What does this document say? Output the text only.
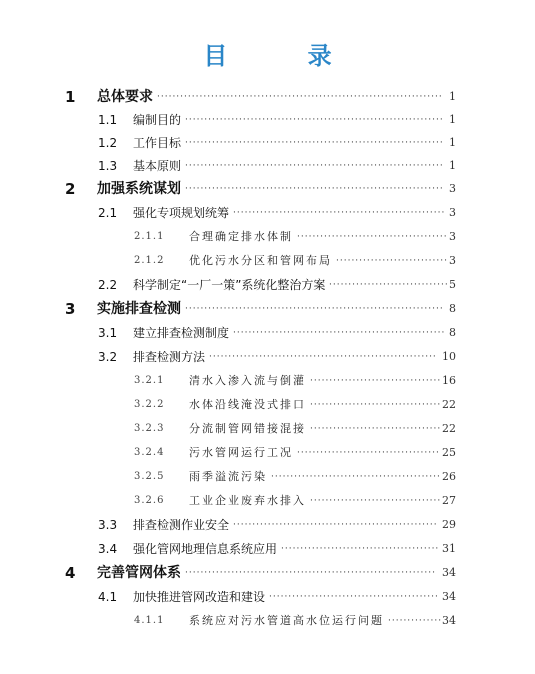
目 录
1 总体要求 ·········································································· 1
1.1 编制目的 ··································································· 1
1.2 工作目标 ··································································· 1
1.3 基本原则 ··································································· 1
2 加强系统谋划 ··································································· 3
2.1 强化专项规划统筹 ······················································· 3
2.1.1 合理确定排水体制 ······································· 3
2.1.2 优化污水分区和管网布局 ····························· 3
2.2 科学制定“一厂一策”系统化整治方案 ······························· 5
3 实施排查检测 ··································································· 8
3.1 建立排查检测制度 ······················································· 8
3.2 排查检测方法 ··························································· 10
3.2.1 清水入渗入流与倒灌 ·································· 16
3.2.2 水体沿线淹没式排口 ·································· 22
3.2.3 分流制管网错接混接 ·································· 22
3.2.4 污水管网运行工况 ····································· 25
3.2.5 雨季溢流污染 ············································ 26
3.2.6 工业企业废弃水排入 ·································· 27
3.3 排查检测作业安全 ····················································· 29
3.4 强化管网地理信息系统应用 ········································· 31
4 完善管网体系 ································································· 34
4.1 加快推进管网改造和建设 ············································ 34
4.1.1 系统应对污水管道高水位运行问题 ·············· 34
